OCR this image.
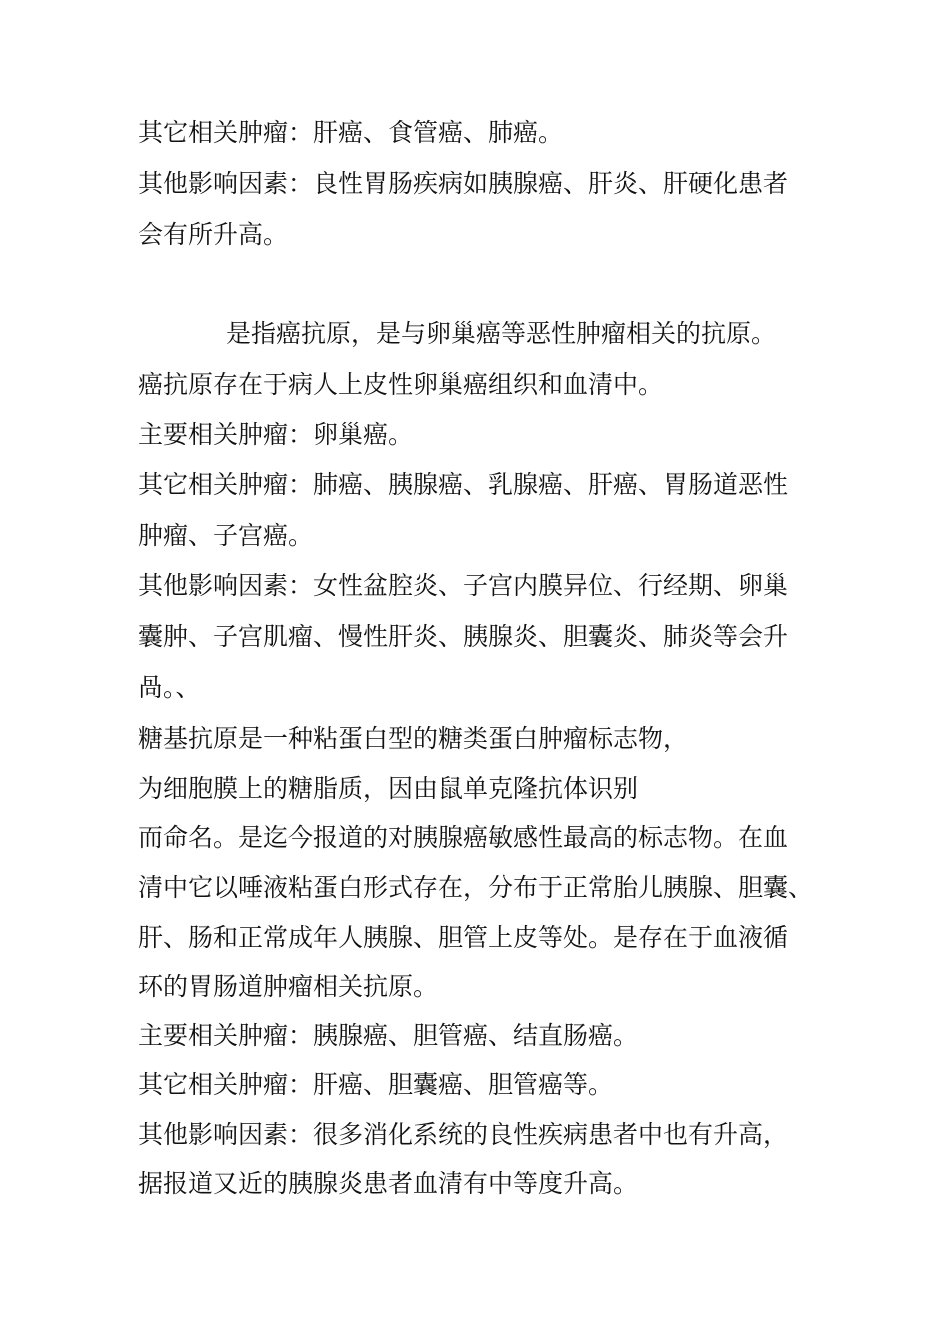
其它相关肿瘤：肝癌、食管癌、肺癌。
其他影响因素：良性胃肠疾病如胰腺癌、肝炎、肝硬化患者
会有所升高。
是指癌抗原，是与卵巢癌等恶性肿瘤相关的抗原。
癌抗原存在于病人上皮性卵巢癌组织和血清中。
主要相关肿瘤：卵巢癌。
其它相关肿瘤：肺癌、胰腺癌、乳腺癌、肝癌、胃肠道恶性
肿瘤、子宫癌。
其他影响因素：女性盆腔炎、子宫内膜异位、行经期、卵巢
囊肿、子宫肌瘤、慢性肝炎、胰腺炎、胆囊炎、肺炎等会升
咼。、
糖基抗原是一种粘蛋白型的糖类蛋白肿瘤标志物，
为细胞膜上的糖脂质，因由鼠单克隆抗体识别
而命名。是迄今报道的对胰腺癌敏感性最高的标志物。在血
清中它以唾液粘蛋白形式存在，分布于正常胎儿胰腺、胆囊、
肝、肠和正常成年人胰腺、胆管上皮等处。是存在于血液循
环的胃肠道肿瘤相关抗原。
主要相关肿瘤：胰腺癌、胆管癌、结直肠癌。
其它相关肿瘤：肝癌、胆囊癌、胆管癌等。
其他影响因素：很多消化系统的良性疾病患者中也有升高，
据报道又近的胰腺炎患者血清有中等度升高。
